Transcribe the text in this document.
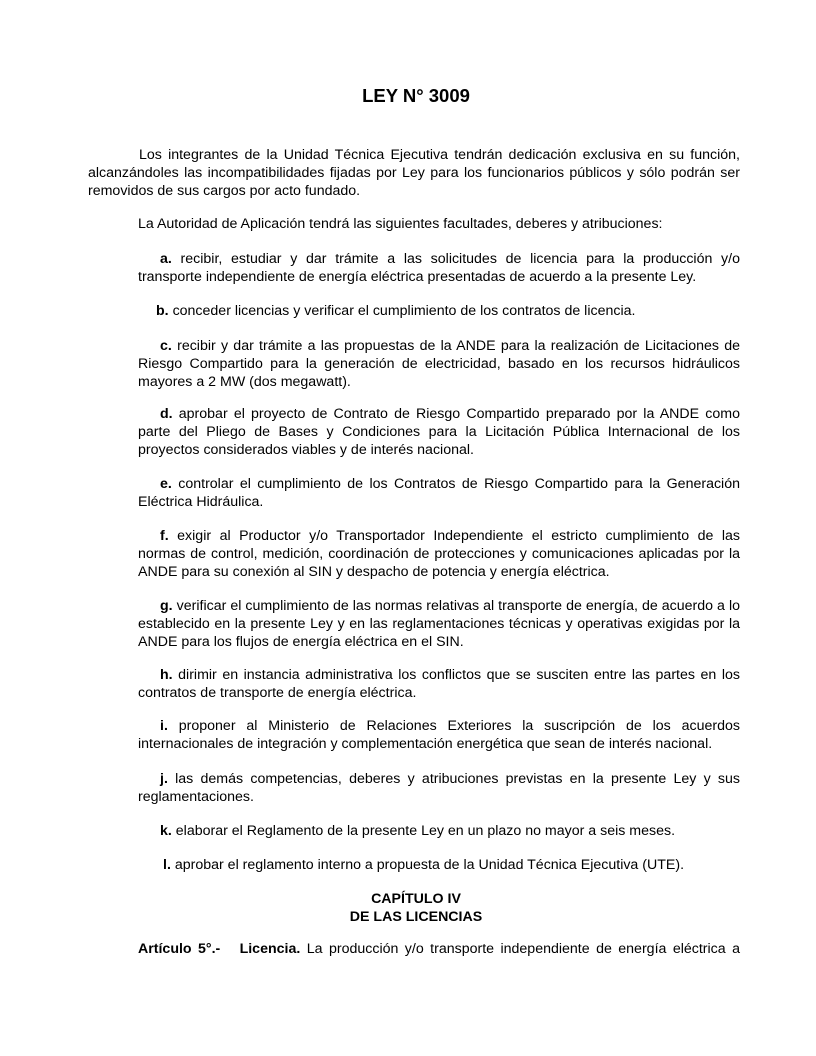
LEY N° 3009
Los integrantes de la Unidad Técnica Ejecutiva tendrán dedicación exclusiva en su función, alcanzándoles las incompatibilidades fijadas por Ley para los funcionarios públicos y sólo podrán ser removidos de sus cargos por acto fundado.
La Autoridad de Aplicación tendrá las siguientes facultades, deberes y atribuciones:
a. recibir, estudiar y dar trámite a las solicitudes de licencia para la producción y/o transporte independiente de energía eléctrica presentadas de acuerdo a la presente Ley.
b. conceder licencias y verificar el cumplimiento de los contratos de licencia.
c. recibir y dar trámite a las propuestas de la ANDE para la realización de Licitaciones de Riesgo Compartido para la generación de electricidad, basado en los recursos hidráulicos mayores a 2 MW (dos megawatt).
d. aprobar el proyecto de Contrato de Riesgo Compartido preparado por la ANDE como parte del Pliego de Bases y Condiciones para la Licitación Pública Internacional de los proyectos considerados viables y de interés nacional.
e. controlar el cumplimiento de los Contratos de Riesgo Compartido para la Generación Eléctrica Hidráulica.
f. exigir al Productor y/o Transportador Independiente el estricto cumplimiento de las normas de control, medición, coordinación de protecciones y comunicaciones aplicadas por la ANDE para su conexión al SIN y despacho de potencia y energía eléctrica.
g. verificar el cumplimiento de las normas relativas al transporte de energía, de acuerdo a lo establecido en la presente Ley y en las reglamentaciones técnicas y operativas exigidas por la ANDE para los flujos de energía eléctrica en el SIN.
h. dirimir en instancia administrativa los conflictos que se susciten entre las partes en los contratos de transporte de energía eléctrica.
i. proponer al Ministerio de Relaciones Exteriores la suscripción de los acuerdos internacionales de integración y complementación energética que sean de interés nacional.
j. las demás competencias, deberes y atribuciones previstas en la presente Ley y sus reglamentaciones.
k. elaborar el Reglamento de la presente Ley en un plazo no mayor a seis meses.
l. aprobar el reglamento interno a propuesta de la Unidad Técnica Ejecutiva (UTE).
CAPÍTULO IV
DE LAS LICENCIAS
Artículo 5°.- Licencia. La producción y/o transporte independiente de energía eléctrica a
